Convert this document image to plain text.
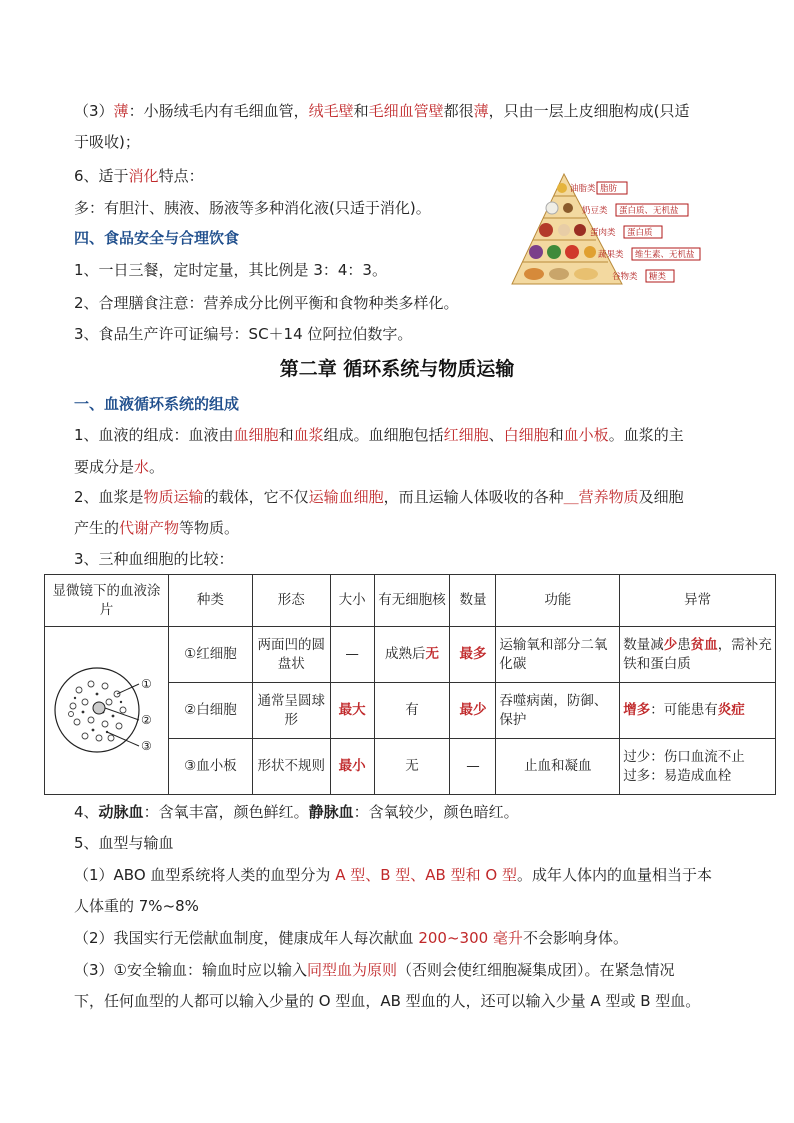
（3）薄：小肠绒毛内有毛细血管，绒毛壁和毛细血管壁都很薄，只由一层上皮细胞构成(只适
于吸收)；
6、适于消化特点：
多：有胆汁、胰液、肠液等多种消化液(只适于消化)。
四、食品安全与合理饮食
1、一日三餐，定时定量，其比例是 3：4：3。
2、合理膳食注意：营养成分比例平衡和食物种类多样化。
3、食品生产许可证编号：SC＋14 位阿拉伯数字。
油脂类
奶豆类
蛋肉类
蔬果类
谷物类
脂肪
蛋白质、无机盐
蛋白质
维生素、无机盐
糖类
第二章 循环系统与物质运输
一、血液循环系统的组成
1、血液的组成：血液由血细胞和血浆组成。血细胞包括红细胞、白细胞和血小板。血浆的主
要成分是水。
2、血浆是物质运输的载体，它不仅运输血细胞，而且运输人体吸收的各种＿营养物质及细胞
产生的代谢产物等物质。
3、三种血细胞的比较：
显微镜下的血液涂片	种类	形态	大小	有无细胞核	数量	功能	异常

①
②
③	①红细胞	两面凹的圆盘状	—	成熟后无	最多	运输氧和部分二氧化碳	数量减少患贫血，需补充铁和蛋白质
	②白细胞	通常呈圆球形	最大	有	最少	吞噬病菌，防御、保护	增多：可能患有炎症
	③血小板	形状不规则	最小	无	—	止血和凝血	过少：伤口血流不止
过多：易造成血栓
4、动脉血：含氧丰富，颜色鲜红。静脉血：含氧较少，颜色暗红。
5、血型与输血
（1）ABO 血型系统将人类的血型分为 A 型、B 型、AB 型和 O 型。成年人体内的血量相当于本
人体重的 7%~8%
（2）我国实行无偿献血制度，健康成年人每次献血 200~300 毫升不会影响身体。
（3）①安全输血：输血时应以输入同型血为原则（否则会使红细胞凝集成团）。在紧急情况
下，任何血型的人都可以输入少量的 O 型血，AB 型血的人，还可以输入少量 A 型或 B 型血。
